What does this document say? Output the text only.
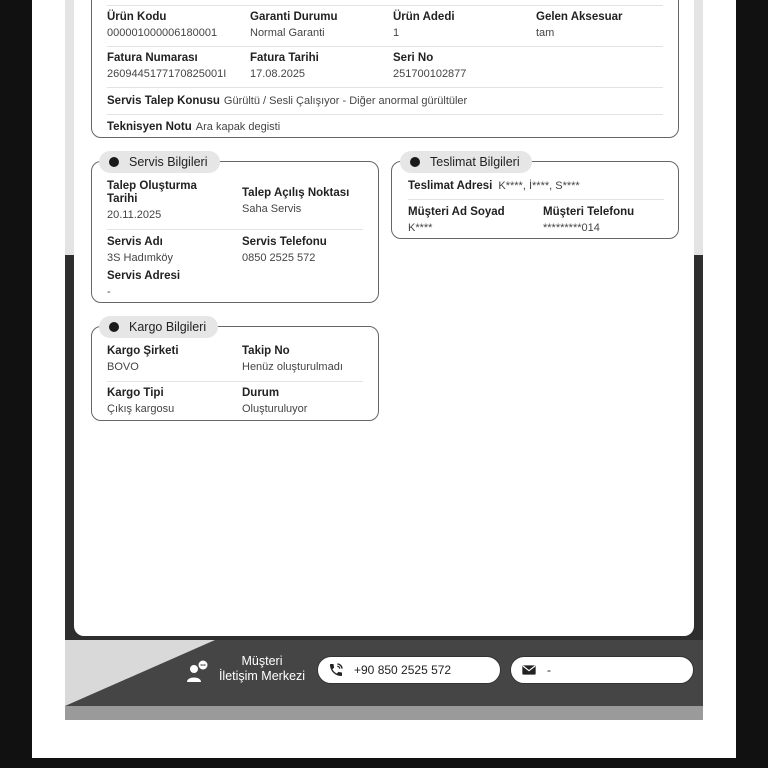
Ürün Kodu
000001000006180001
Garanti Durumu
Normal Garanti
Ürün Adedi
1
Gelen Aksesuar
tam
Fatura Numarası
2609445177170825001I
Fatura Tarihi
17.08.2025
Seri No
251700102877
Servis Talep Konusu Gürültü / Sesli Çalışıyor - Diğer anormal gürültüler
Teknisyen Notu Ara kapak degisti
Servis Bilgileri
Talep Oluşturma
Tarihi
20.11.2025
Talep Açılış Noktası
Saha Servis
Servis Adı
3S Hadımköy
Servis Telefonu
0850 2525 572
Servis Adresi
-
Teslimat Bilgileri
Teslimat Adresi K****, İ****, S****
Müşteri Ad Soyad
K****
Müşteri Telefonu
*********014
Kargo Bilgileri
Kargo Şirketi
BOVO
Takip No
Henüz oluşturulmadı
Kargo Tipi
Çıkış kargosu
Durum
Oluşturuluyor
Müşteri
İletişim Merkezi	+90 850 2525 572	-
